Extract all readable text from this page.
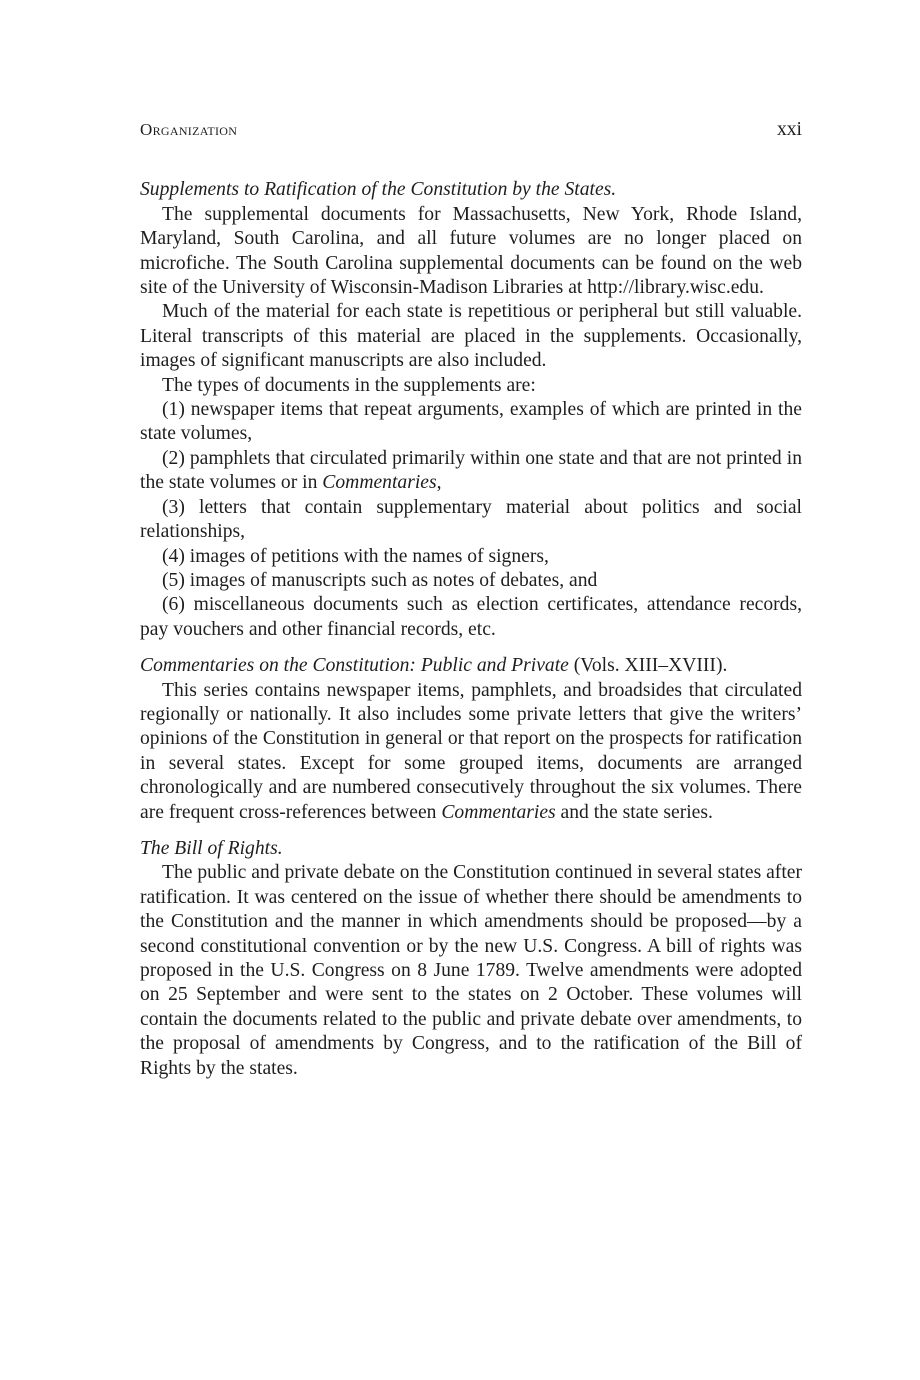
Organization	xxi
Supplements to Ratification of the Constitution by the States.

The supplemental documents for Massachusetts, New York, Rhode Island, Maryland, South Carolina, and all future volumes are no longer placed on microfiche. The South Carolina supplemental documents can be found on the web site of the University of Wisconsin-Madison Libraries at http://library.wisc.edu.

Much of the material for each state is repetitious or peripheral but still valuable. Literal transcripts of this material are placed in the supplements. Occasionally, images of significant manuscripts are also included.

The types of documents in the supplements are:

(1) newspaper items that repeat arguments, examples of which are printed in the state volumes,

(2) pamphlets that circulated primarily within one state and that are not printed in the state volumes or in Commentaries,

(3) letters that contain supplementary material about politics and social relationships,

(4) images of petitions with the names of signers,

(5) images of manuscripts such as notes of debates, and

(6) miscellaneous documents such as election certificates, attendance records, pay vouchers and other financial records, etc.

Commentaries on the Constitution: Public and Private (Vols. XIII–XVIII).

This series contains newspaper items, pamphlets, and broadsides that circulated regionally or nationally. It also includes some private letters that give the writers’ opinions of the Constitution in general or that report on the prospects for ratification in several states. Except for some grouped items, documents are arranged chronologically and are numbered consecutively throughout the six volumes. There are frequent cross-references between Commentaries and the state series.

The Bill of Rights.

The public and private debate on the Constitution continued in several states after ratification. It was centered on the issue of whether there should be amendments to the Constitution and the manner in which amendments should be proposed—by a second constitutional convention or by the new U.S. Congress. A bill of rights was proposed in the U.S. Congress on 8 June 1789. Twelve amendments were adopted on 25 September and were sent to the states on 2 October. These volumes will contain the documents related to the public and private debate over amendments, to the proposal of amendments by Congress, and to the ratification of the Bill of Rights by the states.
